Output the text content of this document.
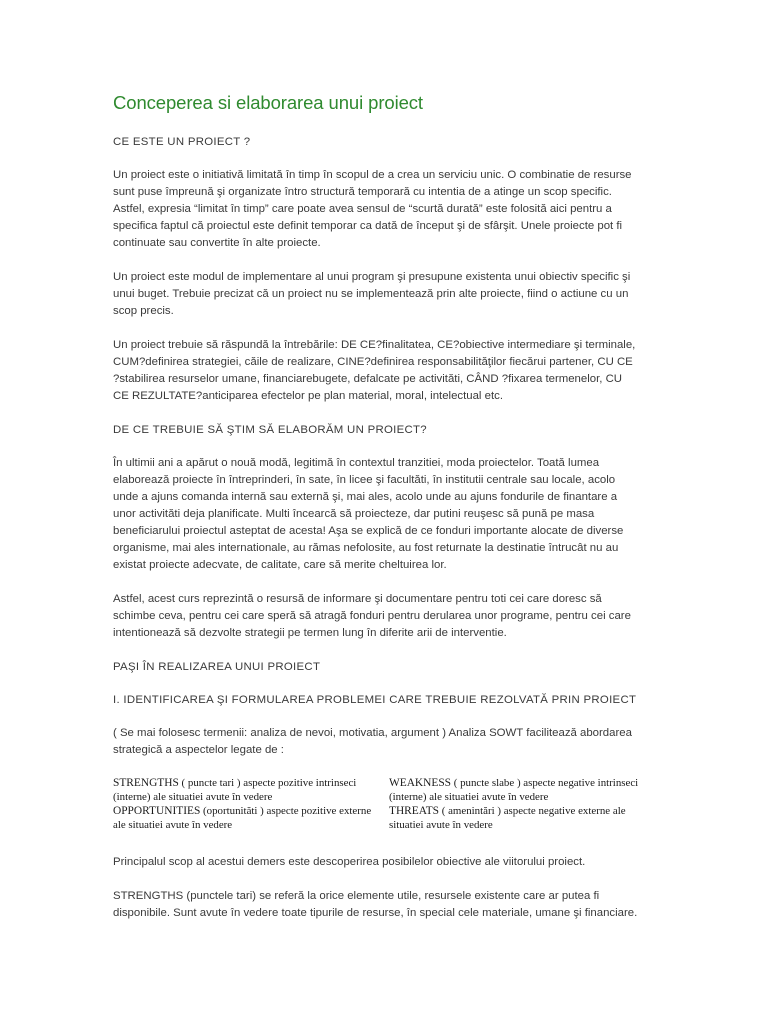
Conceperea si elaborarea unui proiect
CE ESTE UN PROIECT ?
Un proiect este o initiativă limitată în timp în scopul de a crea un serviciu unic. O combinatie de resurse sunt puse împreună şi organizate întro structură temporară cu intentia de a atinge un scop specific. Astfel, expresia “limitat în timp” care poate avea sensul de “scurtă durată” este folosită aici pentru a specifica faptul că proiectul este definit temporar ca dată de început şi de sfârşit. Unele proiecte pot fi continuate sau convertite în alte proiecte.
Un proiect este modul de implementare al unui program şi presupune existenta unui obiectiv specific şi unui buget. Trebuie precizat că un proiect nu se implementează prin alte proiecte, fiind o actiune cu un scop precis.
Un proiect trebuie să răspundă la întrebările: DE CE?finalitatea, CE?obiective intermediare şi terminale, CUM?definirea strategiei, căile de realizare, CINE?definirea responsabilităţilor fiecărui partener, CU CE ?stabilirea resurselor umane, financiarebugete, defalcate pe activităti, CÂND ?fixarea termenelor, CU CE REZULTATE?anticiparea efectelor pe plan material, moral, intelectual etc.
DE CE TREBUIE SĂ ŞTIM SĂ ELABORĂM UN PROIECT?
În ultimii ani a apărut o nouă modă, legitimă în contextul tranzitiei, moda proiectelor. Toată lumea elaborează proiecte în întreprinderi, în sate, în licee şi facultăti, în institutii centrale sau locale, acolo unde a ajuns comanda internă sau externă şi, mai ales, acolo unde au ajuns fondurile de finantare a unor activităti deja planificate. Multi încearcă să proiecteze, dar putini reuşesc să pună pe masa beneficiarului proiectul asteptat de acesta! Aşa se explică de ce fonduri importante alocate de diverse organisme, mai ales internationale, au rămas nefolosite, au fost returnate la destinatie întrucât nu au existat proiecte adecvate, de calitate, care să merite cheltuirea lor.
Astfel, acest curs reprezintă o resursă de informare şi documentare pentru toti cei care doresc să schimbe ceva, pentru cei care speră să atragă fonduri pentru derularea unor programe, pentru cei care intentionează să dezvolte strategii pe termen lung în diferite arii de interventie.
PAŞI ÎN REALIZAREA UNUI PROIECT
I. IDENTIFICAREA ŞI FORMULAREA PROBLEMEI CARE TREBUIE REZOLVATĂ PRIN PROIECT
( Se mai folosesc termenii: analiza de nevoi, motivatia, argument ) Analiza SOWT facilitează abordarea strategică a aspectelor legate de :
STRENGTHS ( puncte tari ) aspecte pozitive intrinseci (interne) ale situatiei avute în vedere
WEAKNESS ( puncte slabe ) aspecte negative intrinseci (interne) ale situatiei avute în vedere
OPPORTUNITIES (oportunităti ) aspecte pozitive externe ale situatiei avute în vedere
THREATS ( amenintări ) aspecte negative externe ale situatiei avute în vedere
Principalul scop al acestui demers este descoperirea posibilelor obiective ale viitorului proiect.
STRENGTHS (punctele tari) se referă la orice elemente utile, resursele existente care ar putea fi disponibile. Sunt avute în vedere toate tipurile de resurse, în special cele materiale, umane şi financiare.
